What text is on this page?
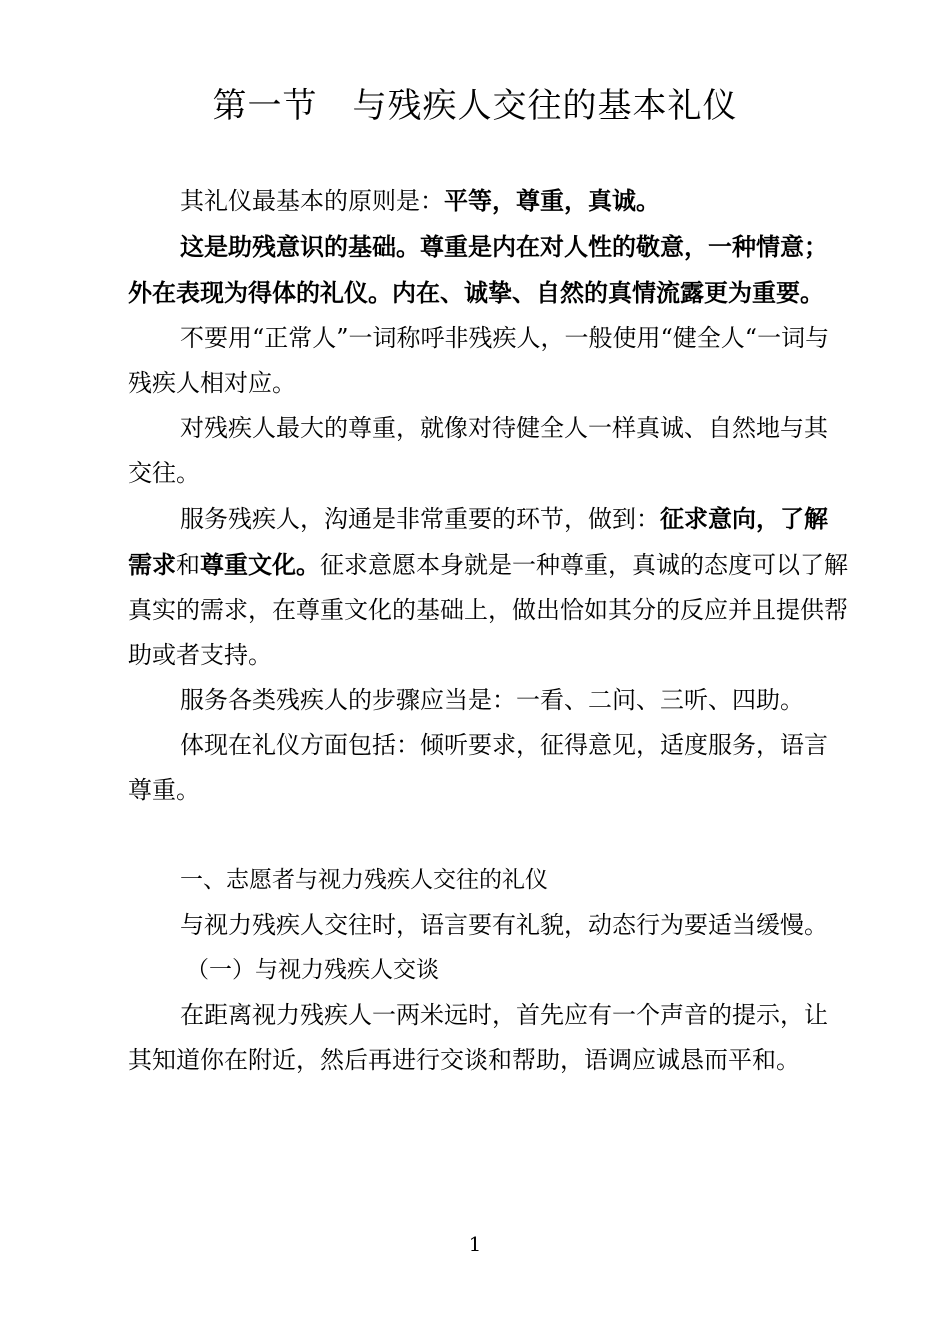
第一节　与残疾人交往的基本礼仪

其礼仪最基本的原则是：平等，尊重，真诚。

这是助残意识的基础。尊重是内在对人性的敬意，一种情意；外在表现为得体的礼仪。内在、诚挚、自然的真情流露更为重要。

不要用“正常人”一词称呼非残疾人，一般使用“健全人“一词与残疾人相对应。

对残疾人最大的尊重，就像对待健全人一样真诚、自然地与其交往。

服务残疾人，沟通是非常重要的环节，做到：征求意向，了解需求和尊重文化。征求意愿本身就是一种尊重，真诚的态度可以了解真实的需求，在尊重文化的基础上，做出恰如其分的反应并且提供帮助或者支持。

服务各类残疾人的步骤应当是：一看、二问、三听、四助。

体现在礼仪方面包括：倾听要求，征得意见，适度服务，语言尊重。

一、志愿者与视力残疾人交往的礼仪

与视力残疾人交往时，语言要有礼貌，动态行为要适当缓慢。

（一）与视力残疾人交谈

在距离视力残疾人一两米远时，首先应有一个声音的提示，让其知道你在附近，然后再进行交谈和帮助，语调应诚恳而平和。

1
